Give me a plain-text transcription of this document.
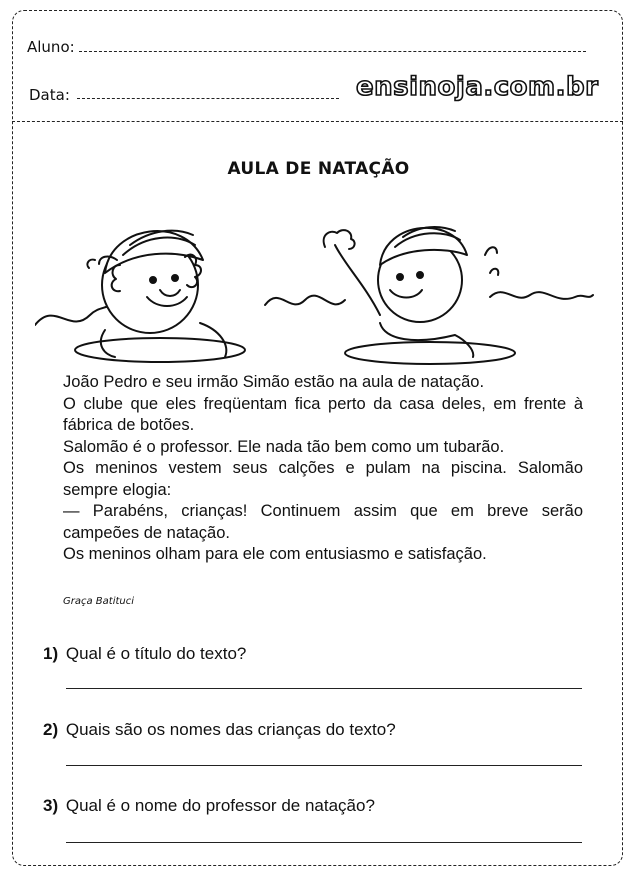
Aluno:
Data:	ensinoja.com.br
AULA DE NATAÇÃO

João Pedro e seu irmão Simão estão na aula de natação.

O clube que eles freqüentam fica perto da casa deles, em frente à fábrica de botões.

Salomão é o professor. Ele nada tão bem como um tubarão.

Os meninos vestem seus calções e pulam na piscina. Salomão sempre elogia:

— Parabéns, crianças! Continuem assim que em breve serão campeões de natação.

Os meninos olham para ele com entusiasmo e satisfação.

Graça Batituci
1) Qual é o título do texto?
2) Quais são os nomes das crianças do texto?
3) Qual é o nome do professor de natação?
